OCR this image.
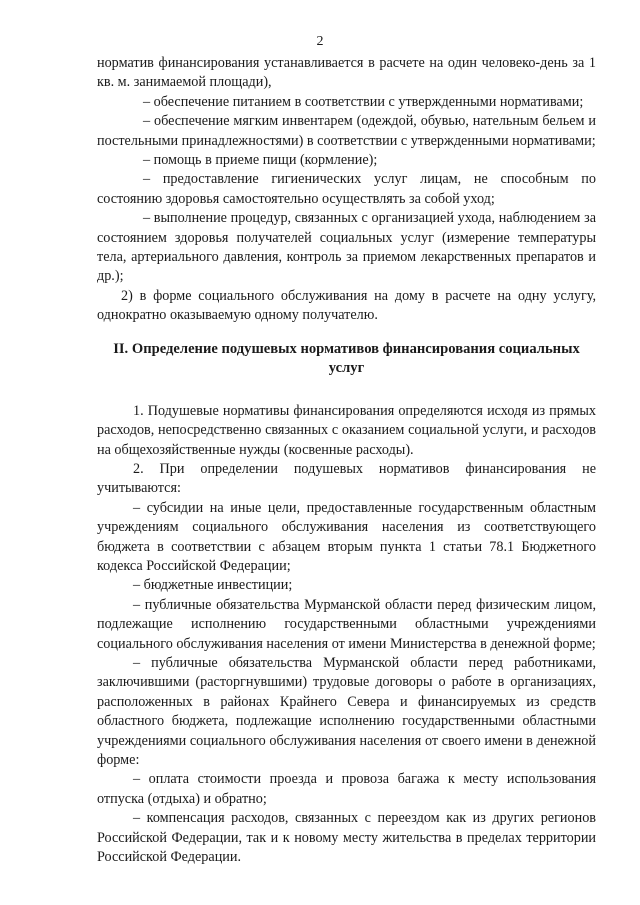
2

норматив финансирования устанавливается в расчете на один человеко-день за 1 кв. м. занимаемой площади),

– обеспечение питанием в соответствии с утвержденными нормативами;

– обеспечение мягким инвентарем (одеждой, обувью, нательным бельем и постельными принадлежностями) в соответствии с утвержденными нормативами;

– помощь в приеме пищи (кормление);

– предоставление гигиенических услуг лицам, не способным по состоянию здоровья самостоятельно осуществлять за собой уход;

– выполнение процедур, связанных с организацией ухода, наблюдением за состоянием здоровья получателей социальных услуг (измерение температуры тела, артериального давления, контроль за приемом лекарственных препаратов и др.);

2) в форме социального обслуживания на дому в расчете на одну услугу, однократно оказываемую одному получателю.

II. Определение подушевых нормативов финансирования социальных услуг

1. Подушевые нормативы финансирования определяются исходя из прямых расходов, непосредственно связанных с оказанием социальной услуги, и расходов на общехозяйственные нужды (косвенные расходы).

2. При определении подушевых нормативов финансирования не учитываются:

– субсидии на иные цели, предоставленные государственным областным учреждениям социального обслуживания населения из соответствующего бюджета в соответствии с абзацем вторым пункта 1 статьи 78.1 Бюджетного кодекса Российской Федерации;

– бюджетные инвестиции;

– публичные обязательства Мурманской области перед физическим лицом, подлежащие исполнению государственными областными учреждениями социального обслуживания населения от имени Министерства в денежной форме;

– публичные обязательства Мурманской области перед работниками, заключившими (расторгнувшими) трудовые договоры о работе в организациях, расположенных в районах Крайнего Севера и финансируемых из средств областного бюджета, подлежащие исполнению государственными областными учреждениями социального обслуживания населения от своего имени в денежной форме:

– оплата стоимости проезда и провоза багажа к месту использования отпуска (отдыха) и обратно;

– компенсация расходов, связанных с переездом как из других регионов Российской Федерации, так и к новому месту жительства в пределах территории Российской Федерации.
